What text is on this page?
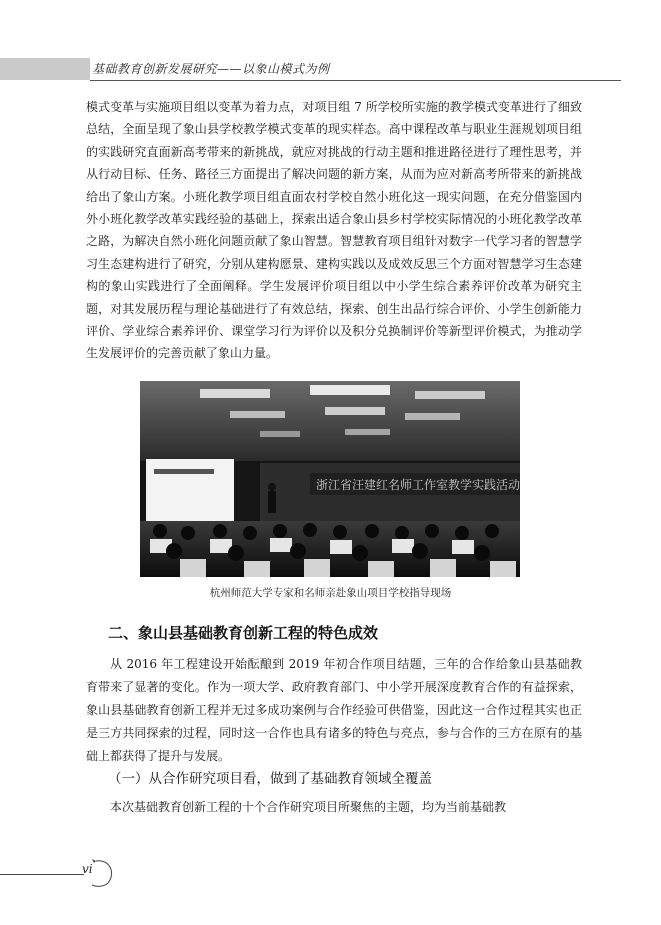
基础教育创新发展研究——以象山模式为例
模式变革与实施项目组以变革为着力点，对项目组 7 所学校所实施的教学模式变革进行了细致总结，全面呈现了象山县学校教学模式变革的现实样态。高中课程改革与职业生涯规划项目组的实践研究直面新高考带来的新挑战，就应对挑战的行动主题和推进路径进行了理性思考，并从行动目标、任务、路径三方面提出了解决问题的新方案，从而为应对新高考所带来的新挑战给出了象山方案。小班化教学项目组直面农村学校自然小班化这一现实问题，在充分借鉴国内外小班化教学改革实践经验的基础上，探索出适合象山县乡村学校实际情况的小班化教学改革之路，为解决自然小班化问题贡献了象山智慧。智慧教育项目组针对数字一代学习者的智慧学习生态建构进行了研究，分别从建构愿景、建构实践以及成效反思三个方面对智慧学习生态建构的象山实践进行了全面阐释。学生发展评价项目组以中小学生综合素养评价改革为研究主题，对其发展历程与理论基础进行了有效总结，探索、创生出品行综合评价、小学生创新能力评价、学业综合素养评价、课堂学习行为评价以及积分兑换制评价等新型评价模式，为推动学生发展评价的完善贡献了象山力量。
浙江省汪建红名师工作室教学实践活动
杭州师范大学专家和名师亲赴象山项目学校指导现场
二、象山县基础教育创新工程的特色成效
从 2016 年工程建设开始酝酿到 2019 年初合作项目结题，三年的合作给象山县基础教育带来了显著的变化。作为一项大学、政府教育部门、中小学开展深度教育合作的有益探索，象山县基础教育创新工程并无过多成功案例与合作经验可供借鉴，因此这一合作过程其实也正是三方共同探索的过程，同时这一合作也具有诸多的特色与亮点，参与合作的三方在原有的基础上都获得了提升与发展。
（一）从合作研究项目看，做到了基础教育领域全覆盖
本次基础教育创新工程的十个合作研究项目所聚焦的主题，均为当前基础教
vi
